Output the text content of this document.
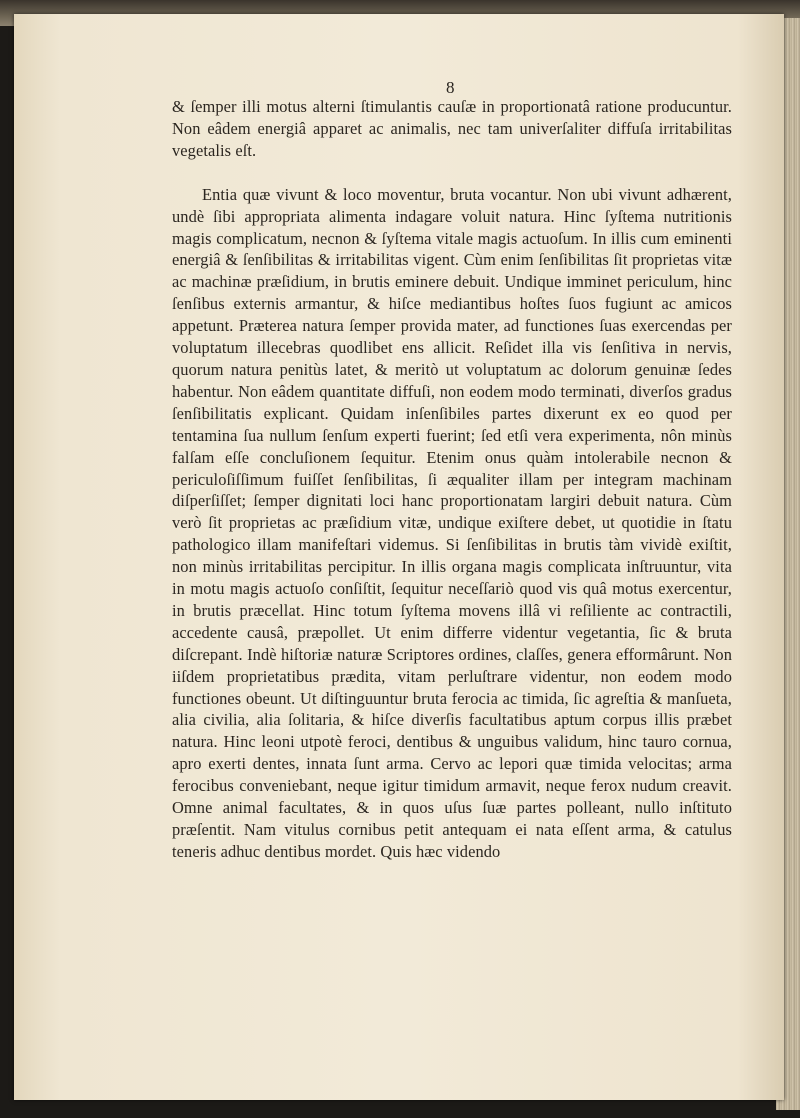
8

& ſemper illi motus alterni ſtimulantis cauſæ in proportionatâ ratione producuntur. Non eâdem energiâ apparet ac animalis, nec tam univerſaliter diffuſa irritabilitas vegetalis eſt.

Entia quæ vivunt & loco moventur, bruta vocantur. Non ubi vivunt adhærent, undè ſibi appropriata alimenta indagare voluit natura. Hinc ſyſtema nutritionis magis complicatum, necnon & ſyſtema vitale magis actuoſum. In illis cum eminenti energiâ & ſenſibilitas & irritabilitas vigent. Cùm enim ſenſibilitas ſit proprietas vitæ ac machinæ præſidium, in brutis eminere debuit. Undique imminet periculum, hinc ſenſibus externis armantur, & hiſce mediantibus hoſtes ſuos fugiunt ac amicos appetunt. Præterea natura ſemper provida mater, ad functiones ſuas exercendas per voluptatum illecebras quodlibet ens allicit. Reſidet illa vis ſenſitiva in nervis, quorum natura penitùs latet, & meritò ut voluptatum ac dolorum genuinæ ſedes habentur. Non eâdem quantitate diffuſi, non eodem modo terminati, diverſos gradus ſenſibilitatis explicant. Quidam inſenſibiles partes dixerunt ex eo quod per tentamina ſua nullum ſenſum experti fuerint; ſed etſi vera experimenta, nôn minùs falſam eſſe concluſionem ſequitur. Etenim onus quàm intolerabile necnon & periculoſiſſimum fuiſſet ſenſibilitas, ſi æqualiter illam per integram machinam diſperſiſſet; ſemper dignitati loci hanc proportionatam largiri debuit natura. Cùm verò ſit proprietas ac præſidium vitæ, undique exiſtere debet, ut quotidie in ſtatu pathologico illam manifeſtari videmus. Si ſenſibilitas in brutis tàm vividè exiſtit, non minùs irritabilitas percipitur. In illis organa magis complicata inſtruuntur, vita in motu magis actuoſo conſiſtit, ſequitur neceſſariò quod vis quâ motus exercentur, in brutis præcellat. Hinc totum ſyſtema movens illâ vi reſiliente ac contractili, accedente causâ, præpollet. Ut enim differre videntur vegetantia, ſic & bruta diſcrepant. Indè hiſtoriæ naturæ Scriptores ordines, claſſes, genera efformârunt. Non iiſdem proprietatibus prædita, vitam perluſtrare videntur, non eodem modo functiones obeunt. Ut diſtinguuntur bruta ferocia ac timida, ſic agreſtia & manſueta, alia civilia, alia ſolitaria, & hiſce diverſis facultatibus aptum corpus illis præbet natura. Hinc leoni utpotè feroci, dentibus & unguibus validum, hinc tauro cornua, apro exerti dentes, innata ſunt arma. Cervo ac lepori quæ timida velocitas; arma ferocibus conveniebant, neque igitur timidum armavit, neque ferox nudum creavit. Omne animal facultates, & in quos uſus ſuæ partes polleant, nullo inſtituto præſentit. Nam vitulus cornibus petit antequam ei nata eſſent arma, & catulus teneris adhuc dentibus mordet. Quis hæc videndo
